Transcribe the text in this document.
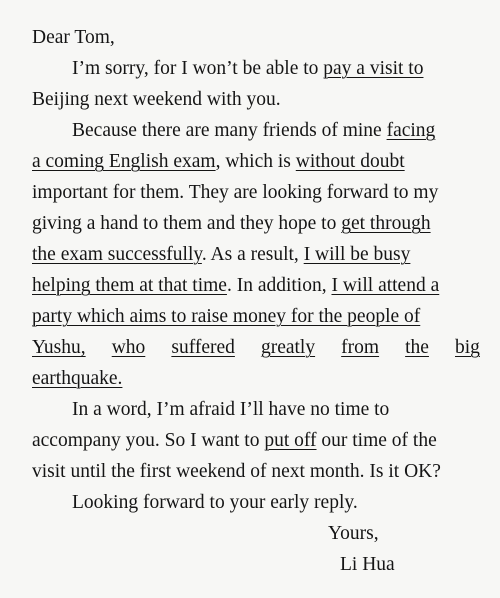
Dear Tom,
I’m sorry, for I won’t be able to pay a visit to
Beijing next weekend with you.
Because there are many friends of mine facing
a coming English exam, which is without doubt
important for them. They are looking forward to my
giving a hand to them and they hope to get through
the exam successfully. As a result, I will be busy
helping them at that time. In addition, I will attend a
party which aims to raise money for the people of
Yushu, who suffered greatly from the big
earthquake.
In a word, I’m afraid I’ll have no time to
accompany you. So I want to put off our time of the
visit until the first weekend of next month. Is it OK?
Looking forward to your early reply.
Yours,
Li Hua
